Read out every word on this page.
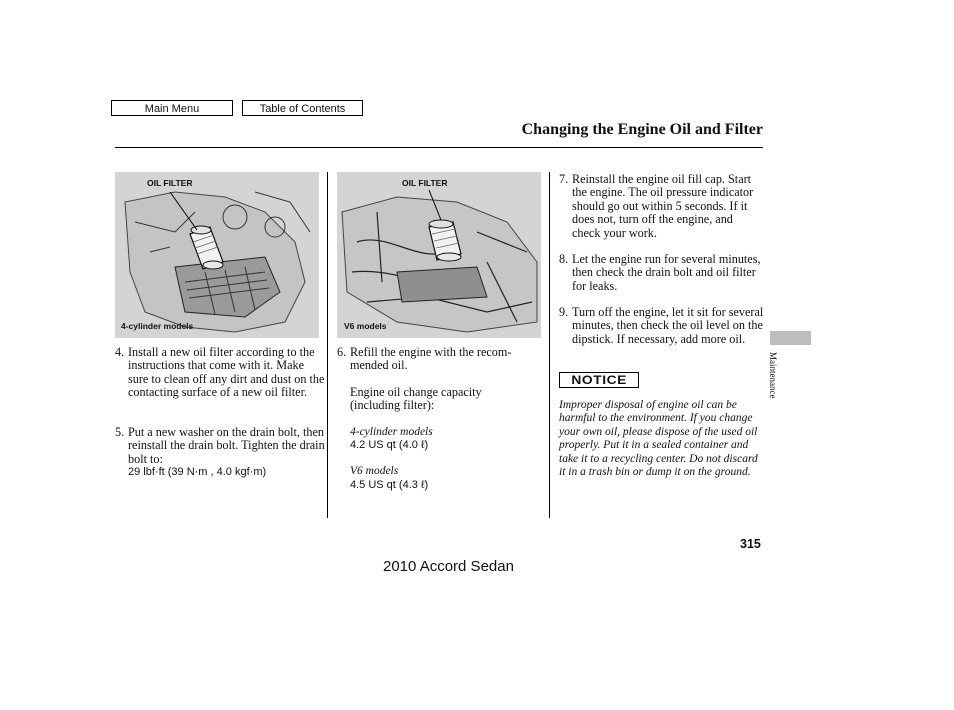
Main Menu	Table of Contents
Changing the Engine Oil and Filter
OIL FILTER
4-cylinder models
OIL FILTER
V6 models
4. Install a new oil filter according to the instructions that come with it. Make sure to clean off any dirt and dust on the contacting surface of a new oil filter.
5. Put a new washer on the drain bolt, then reinstall the drain bolt. Tighten the drain bolt to:
29 lbf·ft (39 N·m , 4.0 kgf·m)
6. Refill the engine with the recom-mended oil.
Engine oil change capacity (including filter):
4-cylinder models
4.2 US qt (4.0 ℓ)
V6 models
4.5 US qt (4.3 ℓ)
7. Reinstall the engine oil fill cap. Start the engine. The oil pressure indicator should go out within 5 seconds. If it does not, turn off the engine, and check your work.
8. Let the engine run for several minutes, then check the drain bolt and oil filter for leaks.
9. Turn off the engine, let it sit for several minutes, then check the oil level on the dipstick. If necessary, add more oil.
NOTICE
Improper disposal of engine oil can be harmful to the environment. If you change your own oil, please dispose of the used oil properly. Put it in a sealed container and take it to a recycling center. Do not discard it in a trash bin or dump it on the ground.
Maintenance
315
2010 Accord Sedan
